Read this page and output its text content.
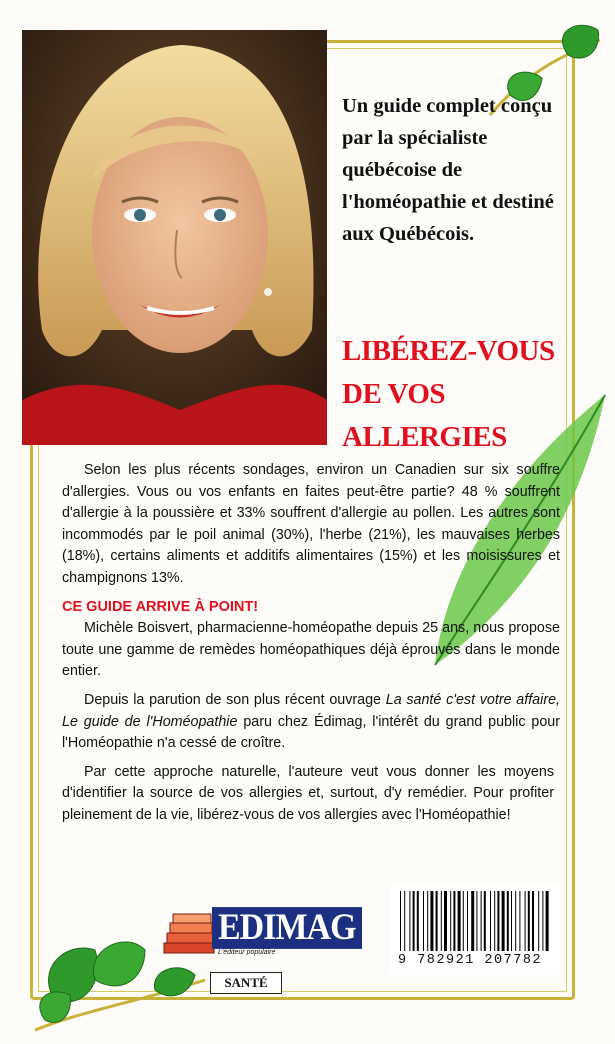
Un guide complet conçu par la spécialiste québécoise de l'homéopathie et destiné aux Québécois.
LIBÉREZ-VOUS
DE VOS
ALLERGIES

Selon les plus récents sondages, environ un Canadien sur six souffre d'allergies. Vous ou vos enfants en faites peut-être partie? 48 % souffrent d'allergie à la poussière et 33% souffrent d'allergie au pollen. Les autres sont incommodés par le poil animal (30%), l'herbe (21%), les mauvaises herbes (18%), certains aliments et additifs alimentaires (15%) et les moisissures et champignons 13%.

CE GUIDE ARRIVE À POINT!

Michèle Boisvert, pharmacienne-homéopathe depuis 25 ans, nous propose toute une gamme de remèdes homéopathiques déjà éprouvés dans le monde entier.

Depuis la parution de son plus récent ouvrage La santé c'est votre affaire, Le guide de l'Homéopathie paru chez Édimag, l'intérêt du grand public pour l'Homéopathie n'a cessé de croître.

Par cette approche naturelle, l'auteure veut vous donner les moyens d'identifier la source de vos allergies et, surtout, d'y remédier. Pour profiter pleinement de la vie, libérez-vous de vos allergies avec l'Homéopathie!

EDIMAG
L'éditeur populaire
SANTÉ
9 782921 207782
